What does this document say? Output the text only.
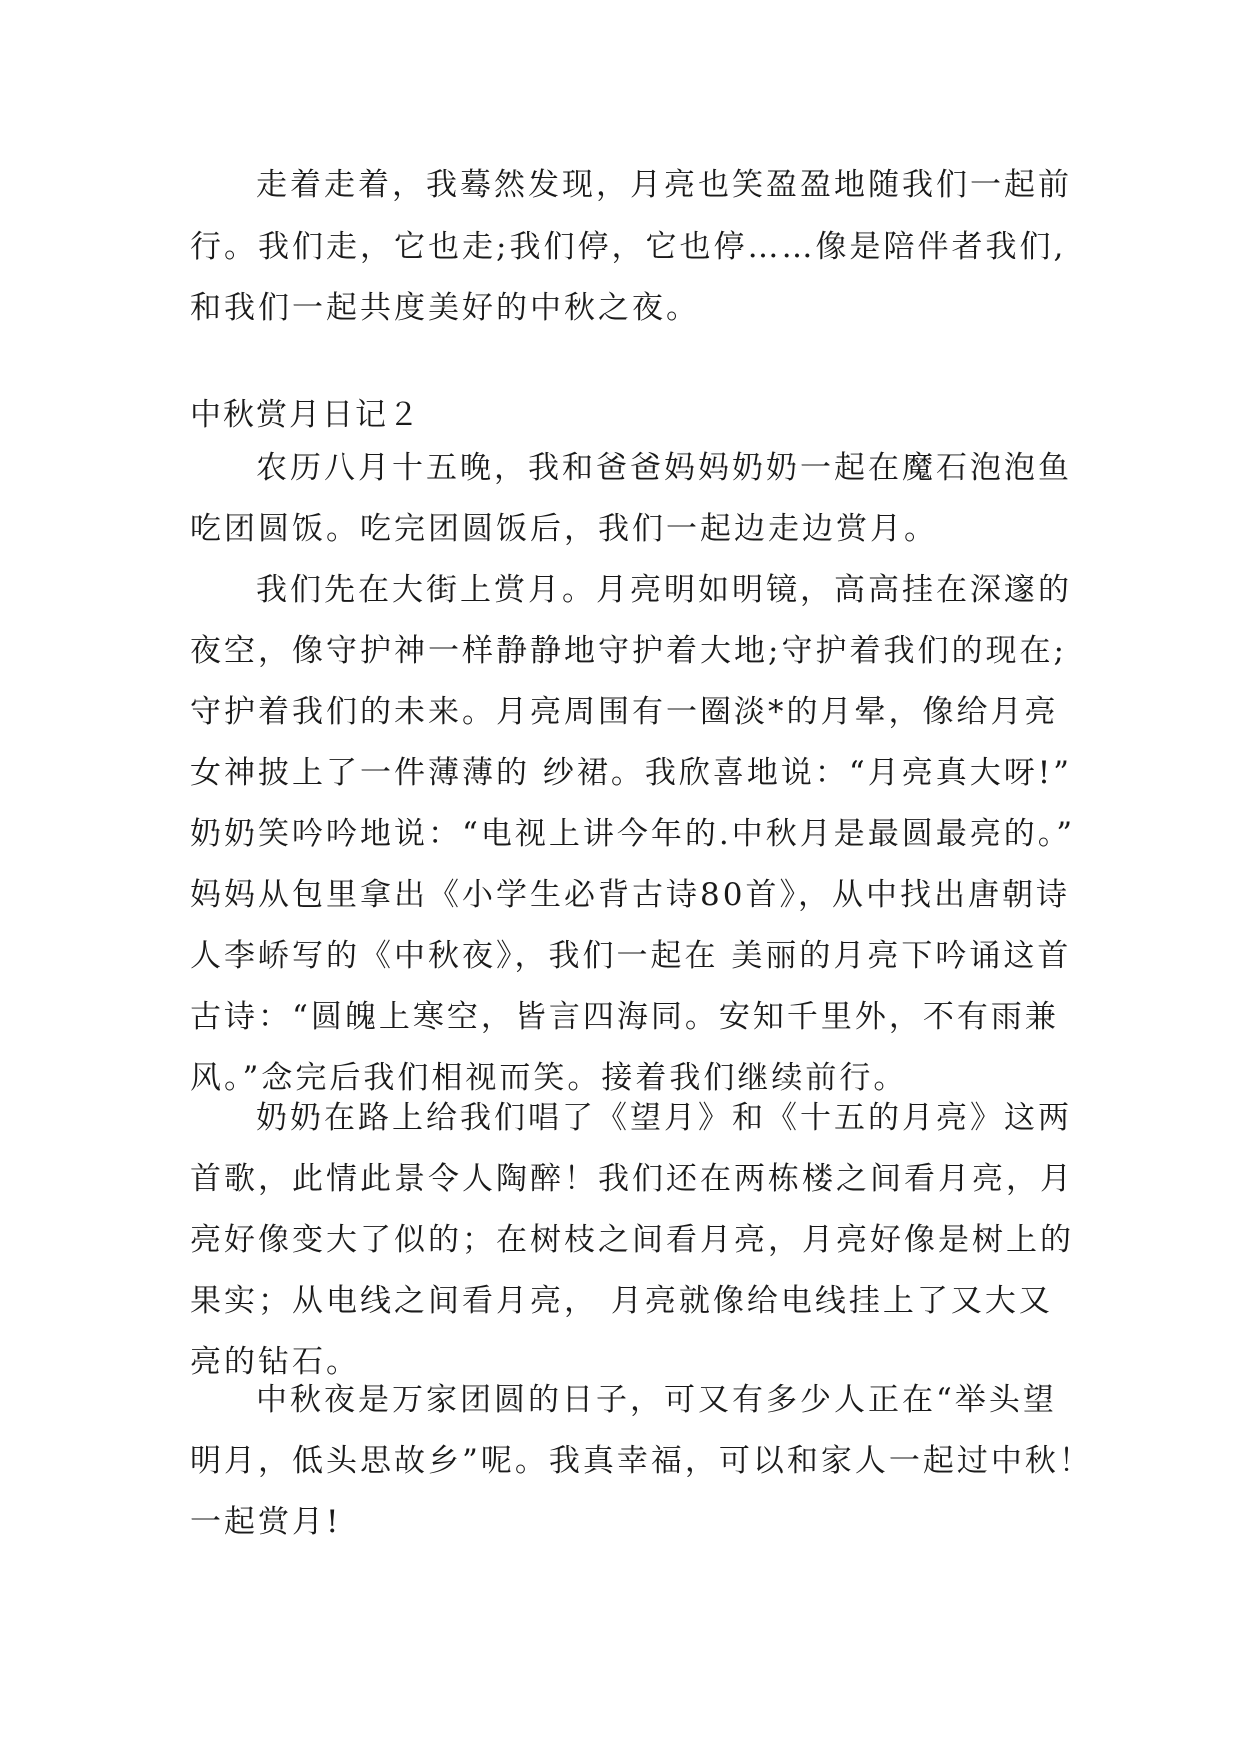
走着走着，我蓦然发现，月亮也笑盈盈地随我们一起前
行。我们走，它也走;我们停，它也停……像是陪伴者我们,
和我们一起共度美好的中秋之夜。
中秋赏月日记２
农历八月十五晚，我和爸爸妈妈奶奶一起在魔石泡泡鱼
吃团圆饭。吃完团圆饭后，我们一起边走边赏月。
我们先在大街上赏月。月亮明如明镜，高高挂在深邃的
夜空，像守护神一样静静地守护着大地;守护着我们的现在;
守护着我们的未来。月亮周围有一圈淡*的月晕，像给月亮
女神披上了一件薄薄的 纱裙。我欣喜地说：“月亮真大呀!”
奶奶笑吟吟地说：“电视上讲今年的.中秋月是最圆最亮的。”
妈妈从包里拿出《小学生必背古诗80首》，从中找出唐朝诗
人李峤写的《中秋夜》，我们一起在 美丽的月亮下吟诵这首
古诗：“圆魄上寒空，皆言四海同。安知千里外，不有雨兼
风。”念完后我们相视而笑。接着我们继续前行。
奶奶在路上给我们唱了《望月》和《十五的月亮》这两
首歌，此情此景令人陶醉！我们还在两栋楼之间看月亮，月
亮好像变大了似的；在树枝之间看月亮，月亮好像是树上的
果实；从电线之间看月亮， 月亮就像给电线挂上了又大又
亮的钻石。
中秋夜是万家团圆的日子，可又有多少人正在“举头望
明月，低头思故乡”呢。我真幸福，可以和家人一起过中秋！
一起赏月!
